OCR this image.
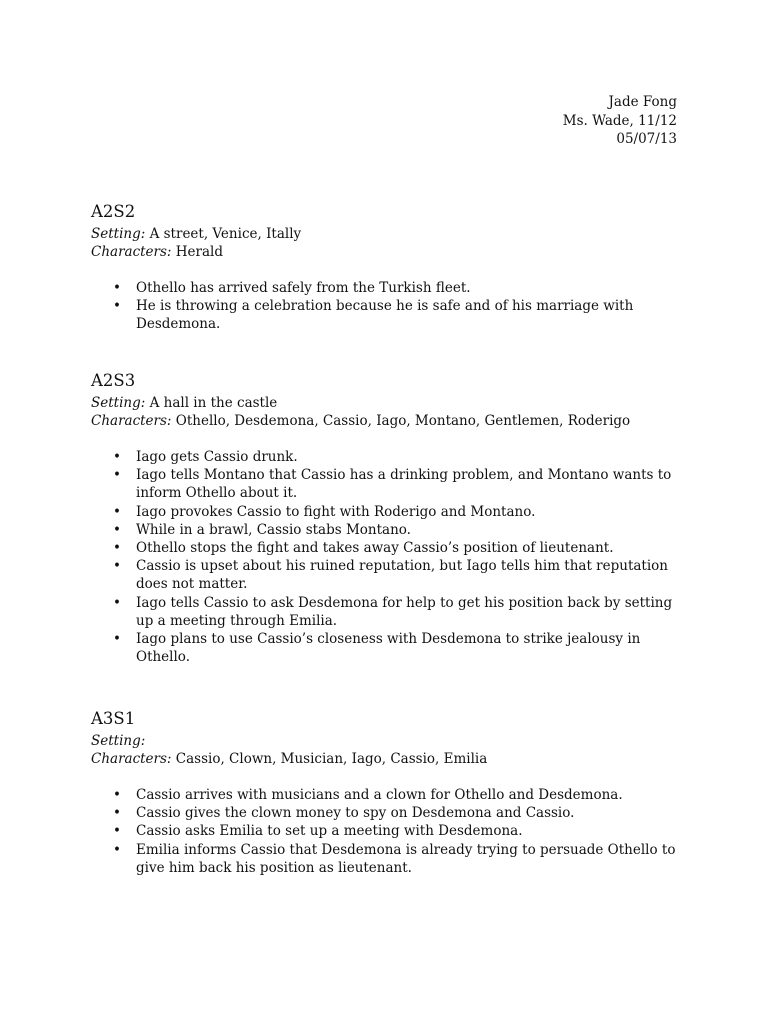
Jade Fong
Ms. Wade, 11/12
05/07/13
A2S2

Setting: A street, Venice, Itally

Characters: Herald

• Othello has arrived safely from the Turkish fleet.
• He is throwing a celebration because he is safe and of his marriage with Desdemona.
A2S3

Setting: A hall in the castle

Characters: Othello, Desdemona, Cassio, Iago, Montano, Gentlemen, Roderigo

• Iago gets Cassio drunk.
• Iago tells Montano that Cassio has a drinking problem, and Montano wants to inform Othello about it.
• Iago provokes Cassio to fight with Roderigo and Montano.
• While in a brawl, Cassio stabs Montano.
• Othello stops the fight and takes away Cassio’s position of lieutenant.
• Cassio is upset about his ruined reputation, but Iago tells him that reputation does not matter.
• Iago tells Cassio to ask Desdemona for help to get his position back by setting up a meeting through Emilia.
• Iago plans to use Cassio’s closeness with Desdemona to strike jealousy in Othello.
A3S1

Setting:

Characters: Cassio, Clown, Musician, Iago, Cassio, Emilia

• Cassio arrives with musicians and a clown for Othello and Desdemona.
• Cassio gives the clown money to spy on Desdemona and Cassio.
• Cassio asks Emilia to set up a meeting with Desdemona.
• Emilia informs Cassio that Desdemona is already trying to persuade Othello to give him back his position as lieutenant.
